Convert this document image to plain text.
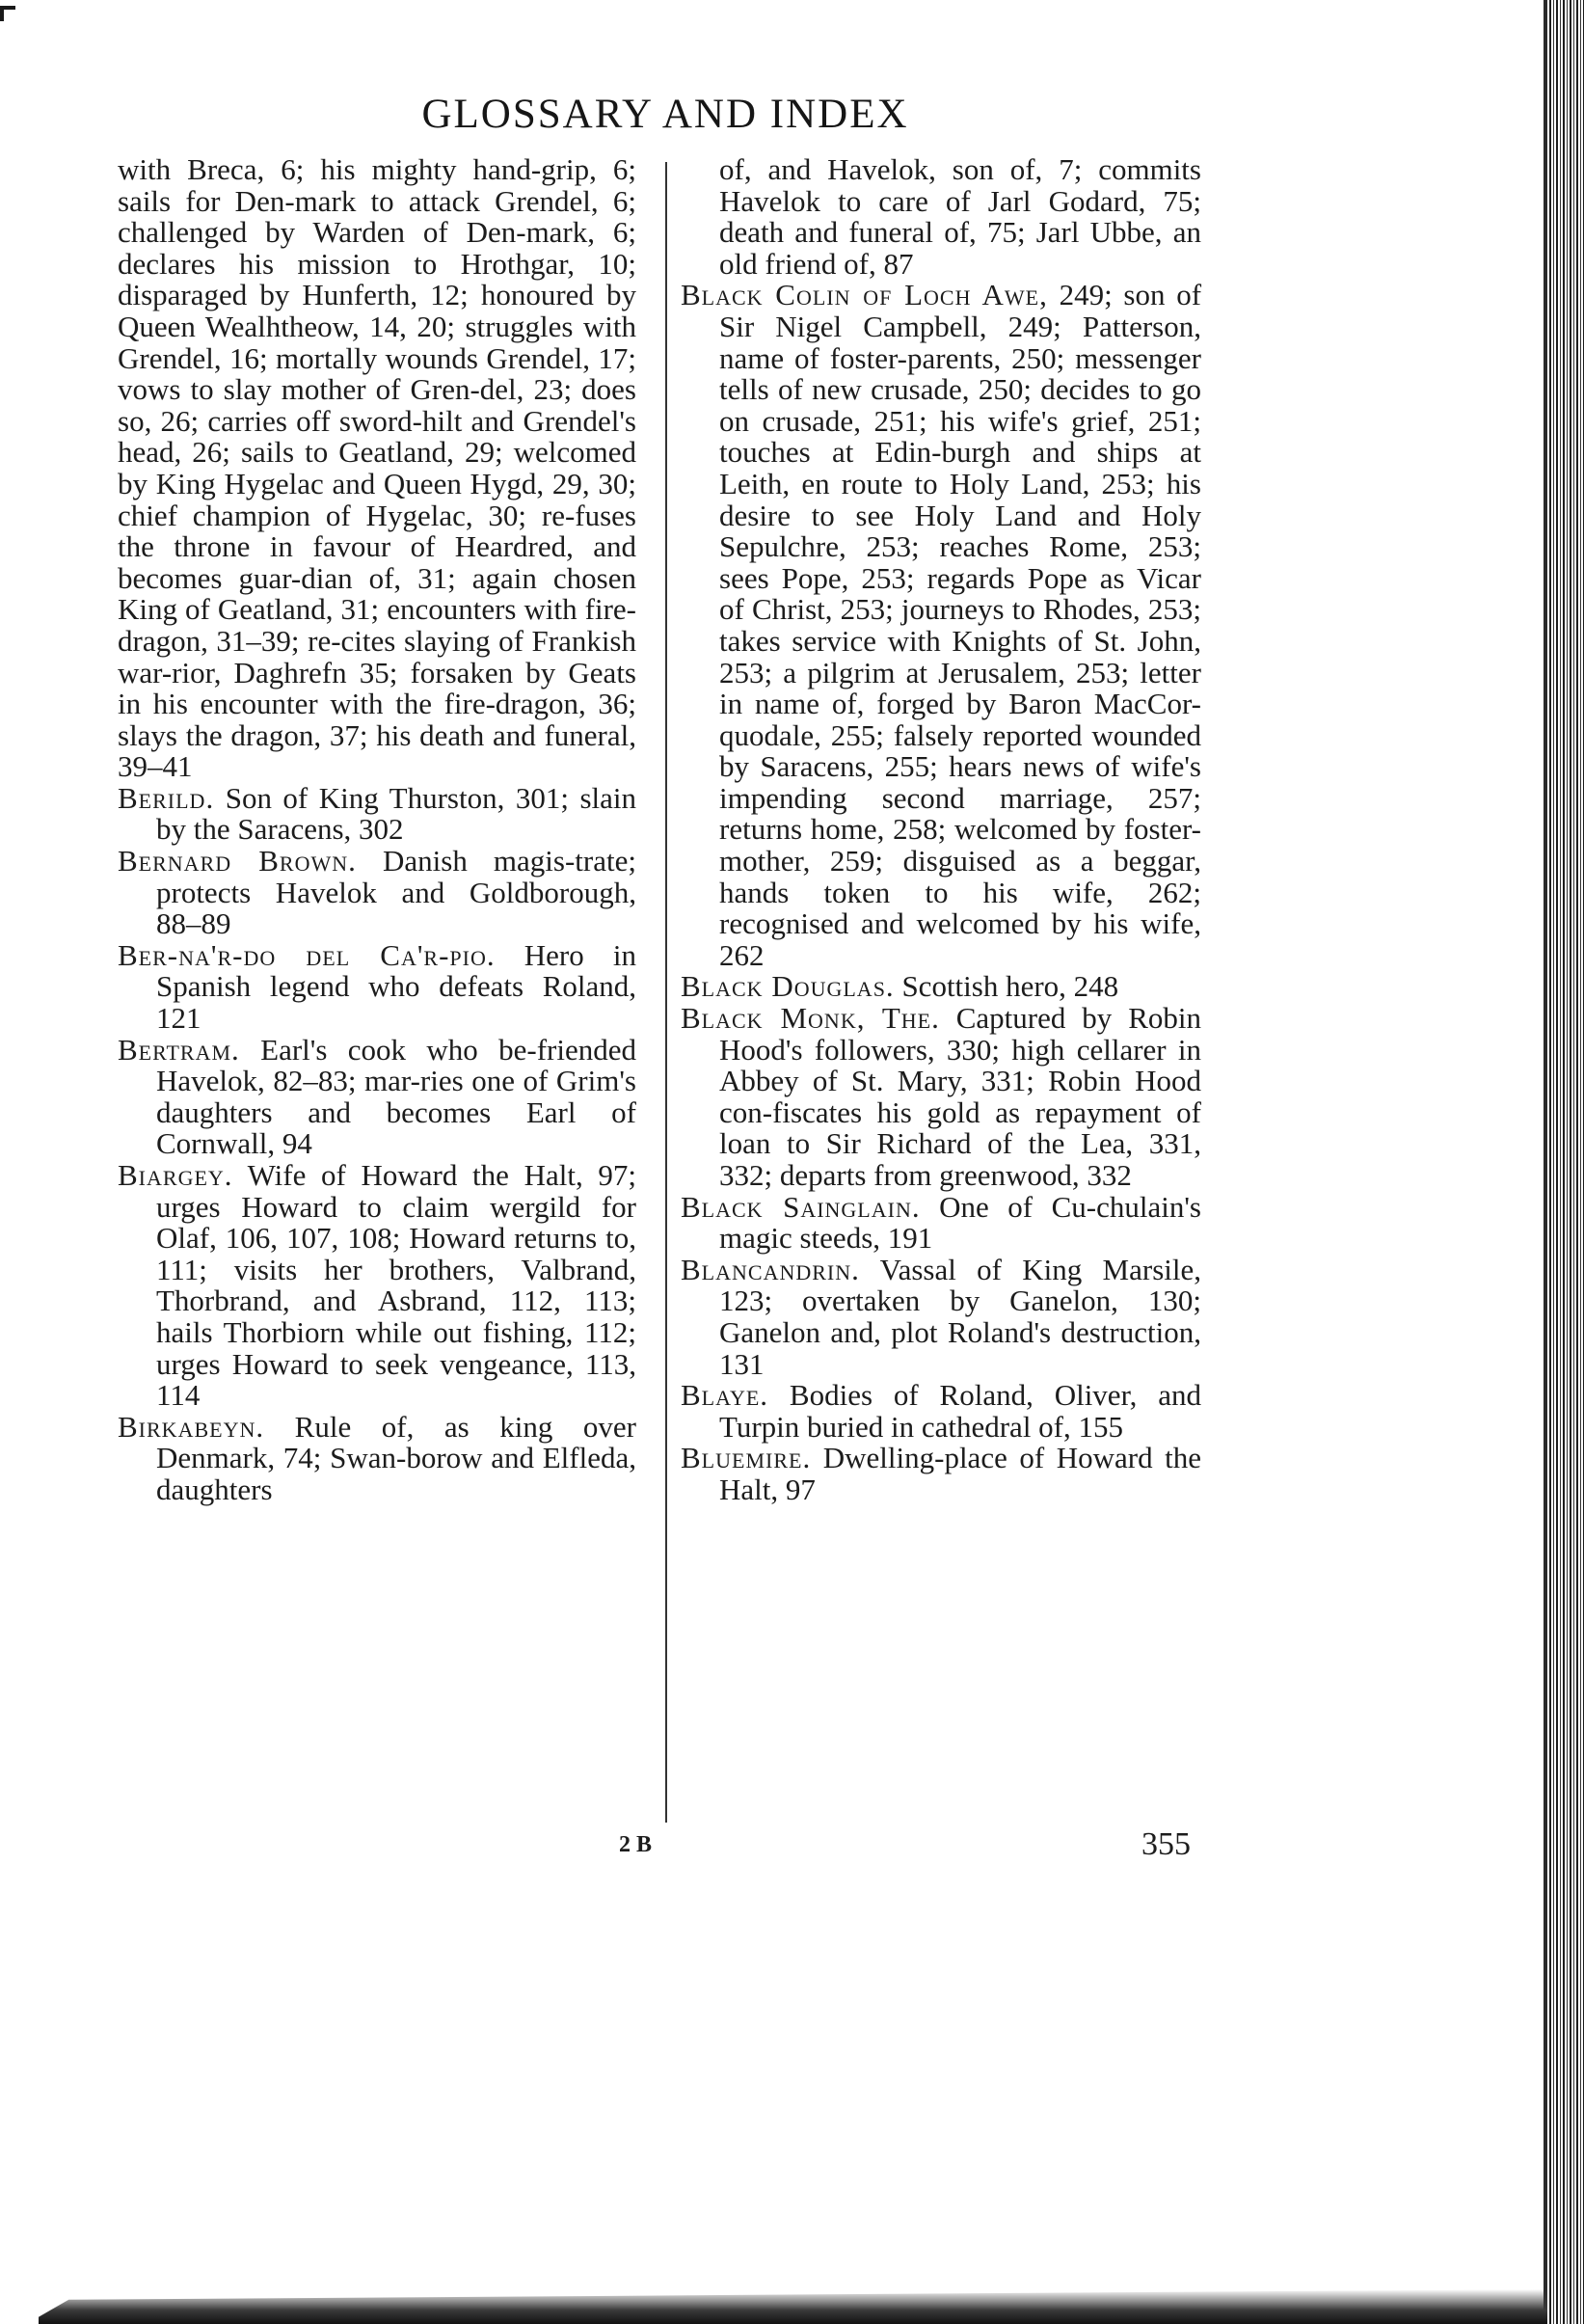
GLOSSARY AND INDEX

with Breca, 6; his mighty hand-grip, 6; sails for Den-mark to attack Grendel, 6; challenged by Warden of Den-mark, 6; declares his mission to Hrothgar, 10; disparaged by Hunferth, 12; honoured by Queen Wealhtheow, 14, 20; struggles with Grendel, 16; mortally wounds Grendel, 17; vows to slay mother of Gren-del, 23; does so, 26; carries off sword-hilt and Grendel's head, 26; sails to Geatland, 29; welcomed by King Hygelac and Queen Hygd, 29, 30; chief champion of Hygelac, 30; re-fuses the throne in favour of Heardred, and becomes guar-dian of, 31; again chosen King of Geatland, 31; encounters with fire-dragon, 31–39; re-cites slaying of Frankish war-rior, Daghrefn 35; forsaken by Geats in his encounter with the fire-dragon, 36; slays the dragon, 37; his death and funeral, 39–41

Berild. Son of King Thurston, 301; slain by the Saracens, 302

Bernard Brown. Danish magis-trate; protects Havelok and Goldborough, 88–89

Ber-na'r-do del Ca'r-pio. Hero in Spanish legend who defeats Roland, 121

Bertram. Earl's cook who be-friended Havelok, 82–83; mar-ries one of Grim's daughters and becomes Earl of Cornwall, 94

Biargey. Wife of Howard the Halt, 97; urges Howard to claim wergild for Olaf, 106, 107, 108; Howard returns to, 111; visits her brothers, Valbrand, Thorbrand, and Asbrand, 112, 113; hails Thorbiorn while out fishing, 112; urges Howard to seek vengeance, 113, 114

Birkabeyn. Rule of, as king over Denmark, 74; Swan-borow and Elfleda, daughters

of, and Havelok, son of, 7; commits Havelok to care of Jarl Godard, 75; death and funeral of, 75; Jarl Ubbe, an old friend of, 87

Black Colin of Loch Awe, 249; son of Sir Nigel Campbell, 249; Patterson, name of foster-parents, 250; messenger tells of new crusade, 250; decides to go on crusade, 251; his wife's grief, 251; touches at Edin-burgh and ships at Leith, en route to Holy Land, 253; his desire to see Holy Land and Holy Sepulchre, 253; reaches Rome, 253; sees Pope, 253; regards Pope as Vicar of Christ, 253; journeys to Rhodes, 253; takes service with Knights of St. John, 253; a pilgrim at Jerusalem, 253; letter in name of, forged by Baron MacCor-quodale, 255; falsely reported wounded by Saracens, 255; hears news of wife's impending second marriage, 257; returns home, 258; welcomed by foster-mother, 259; disguised as a beggar, hands token to his wife, 262; recognised and welcomed by his wife, 262

Black Douglas. Scottish hero, 248

Black Monk, The. Captured by Robin Hood's followers, 330; high cellarer in Abbey of St. Mary, 331; Robin Hood con-fiscates his gold as repayment of loan to Sir Richard of the Lea, 331, 332; departs from greenwood, 332

Black Sainglain. One of Cu-chulain's magic steeds, 191

Blancandrin. Vassal of King Marsile, 123; overtaken by Ganelon, 130; Ganelon and, plot Roland's destruction, 131

Blaye. Bodies of Roland, Oliver, and Turpin buried in cathedral of, 155

Bluemire. Dwelling-place of Howard the Halt, 97

2 B	355
